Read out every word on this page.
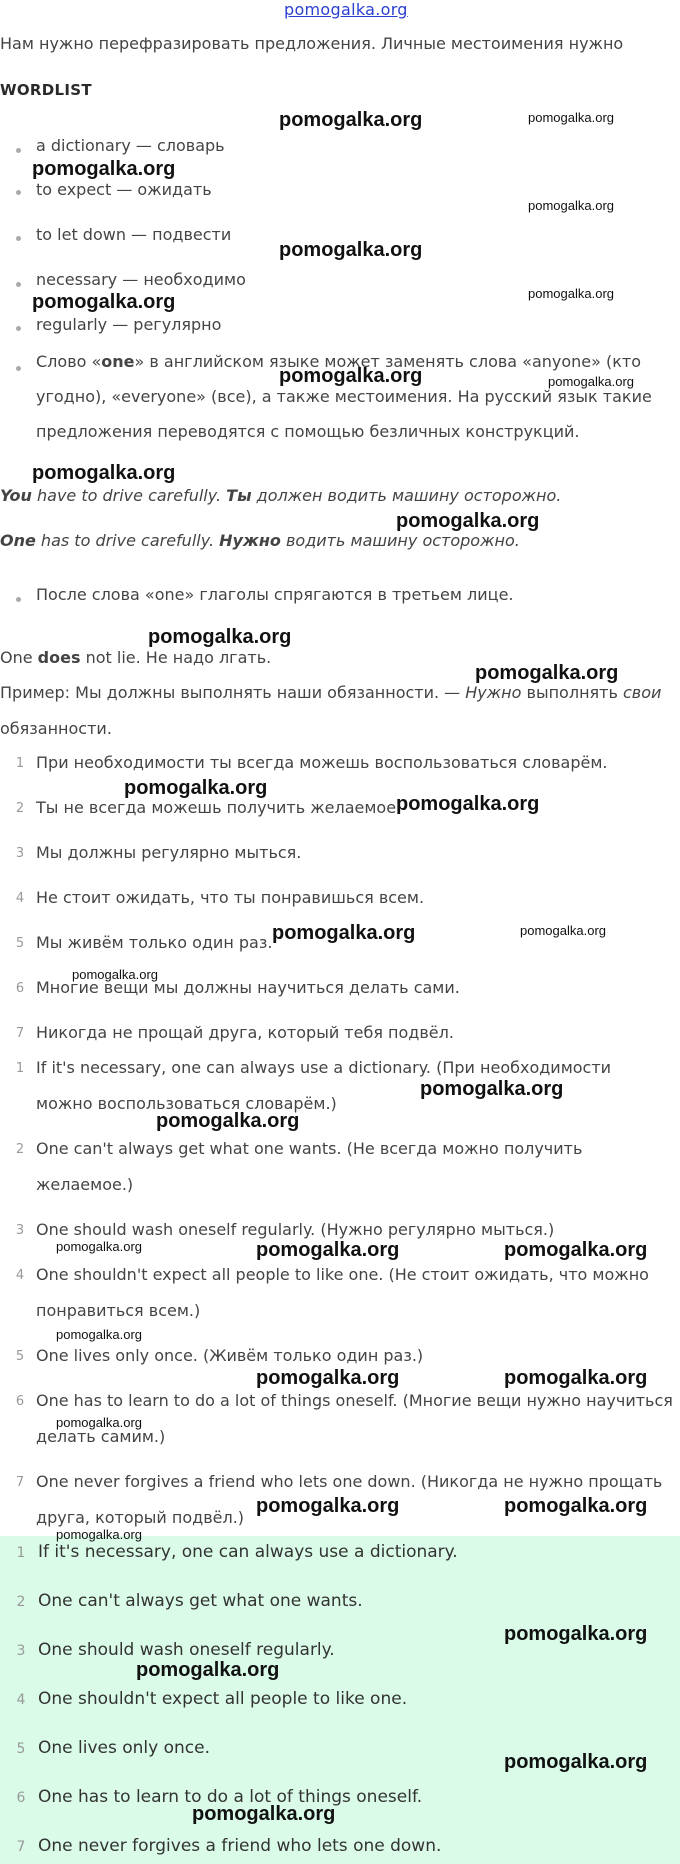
pomogalka.org
Нам нужно перефразировать предложения. Личные местоимения нужно
WORDLIST
a dictionary — словарь
to expect — ожидать
to let down — подвести
necessary — необходимо
regularly — регулярно
Слово «one» в английском языке может заменять слова «anyone» (кто
угодно), «everyone» (все), а также местоимения. На русский язык такие
предложения переводятся с помощью безличных конструкций.
You have to drive carefully. Ты должен водить машину осторожно.
One has to drive carefully. Нужно водить машину осторожно.
После слова «one» глаголы спрягаются в третьем лице.
One does not lie. Не надо лгать.
Пример: Мы должны выполнять наши обязанности. — Нужно выполнять свои
обязанности.
1 При необходимости ты всегда можешь воспользоваться словарём.
2 Ты не всегда можешь получить желаемое.
3 Мы должны регулярно мыться.
4 Не стоит ожидать, что ты понравишься всем.
5 Мы живём только один раз.
6 Многие вещи мы должны научиться делать сами.
7 Никогда не прощай друга, который тебя подвёл.
1 If it's necessary, one can always use a dictionary. (При необходимости
можно воспользоваться словарём.)
2 One can't always get what one wants. (Не всегда можно получить
желаемое.)
3 One should wash oneself regularly. (Нужно регулярно мыться.)
4 One shouldn't expect all people to like one. (Не стоит ожидать, что можно
понравиться всем.)
5 One lives only once. (Живём только один раз.)
6 One has to learn to do a lot of things oneself. (Многие вещи нужно научиться
делать самим.)
7 One never forgives a friend who lets one down. (Никогда не нужно прощать
друга, который подвёл.)
1 If it's necessary, one can always use a dictionary.
2 One can't always get what one wants.
3 One should wash oneself regularly.
4 One shouldn't expect all people to like one.
5 One lives only once.
6 One has to learn to do a lot of things oneself.
7 One never forgives a friend who lets one down.
pomogalka.org	pomogalka.org
pomogalka.org
pomogalka.org
pomogalka.org
pomogalka.org
pomogalka.org
pomogalka.org	pomogalka.org
pomogalka.org
pomogalka.org
pomogalka.org
pomogalka.org
pomogalka.org
pomogalka.org
pomogalka.org	pomogalka.org
pomogalka.org
pomogalka.org
pomogalka.org
pomogalka.org	pomogalka.org	pomogalka.org
pomogalka.org
pomogalka.org	pomogalka.org
pomogalka.org
pomogalka.org	pomogalka.org
pomogalka.org
pomogalka.org
pomogalka.org
pomogalka.org
pomogalka.org
